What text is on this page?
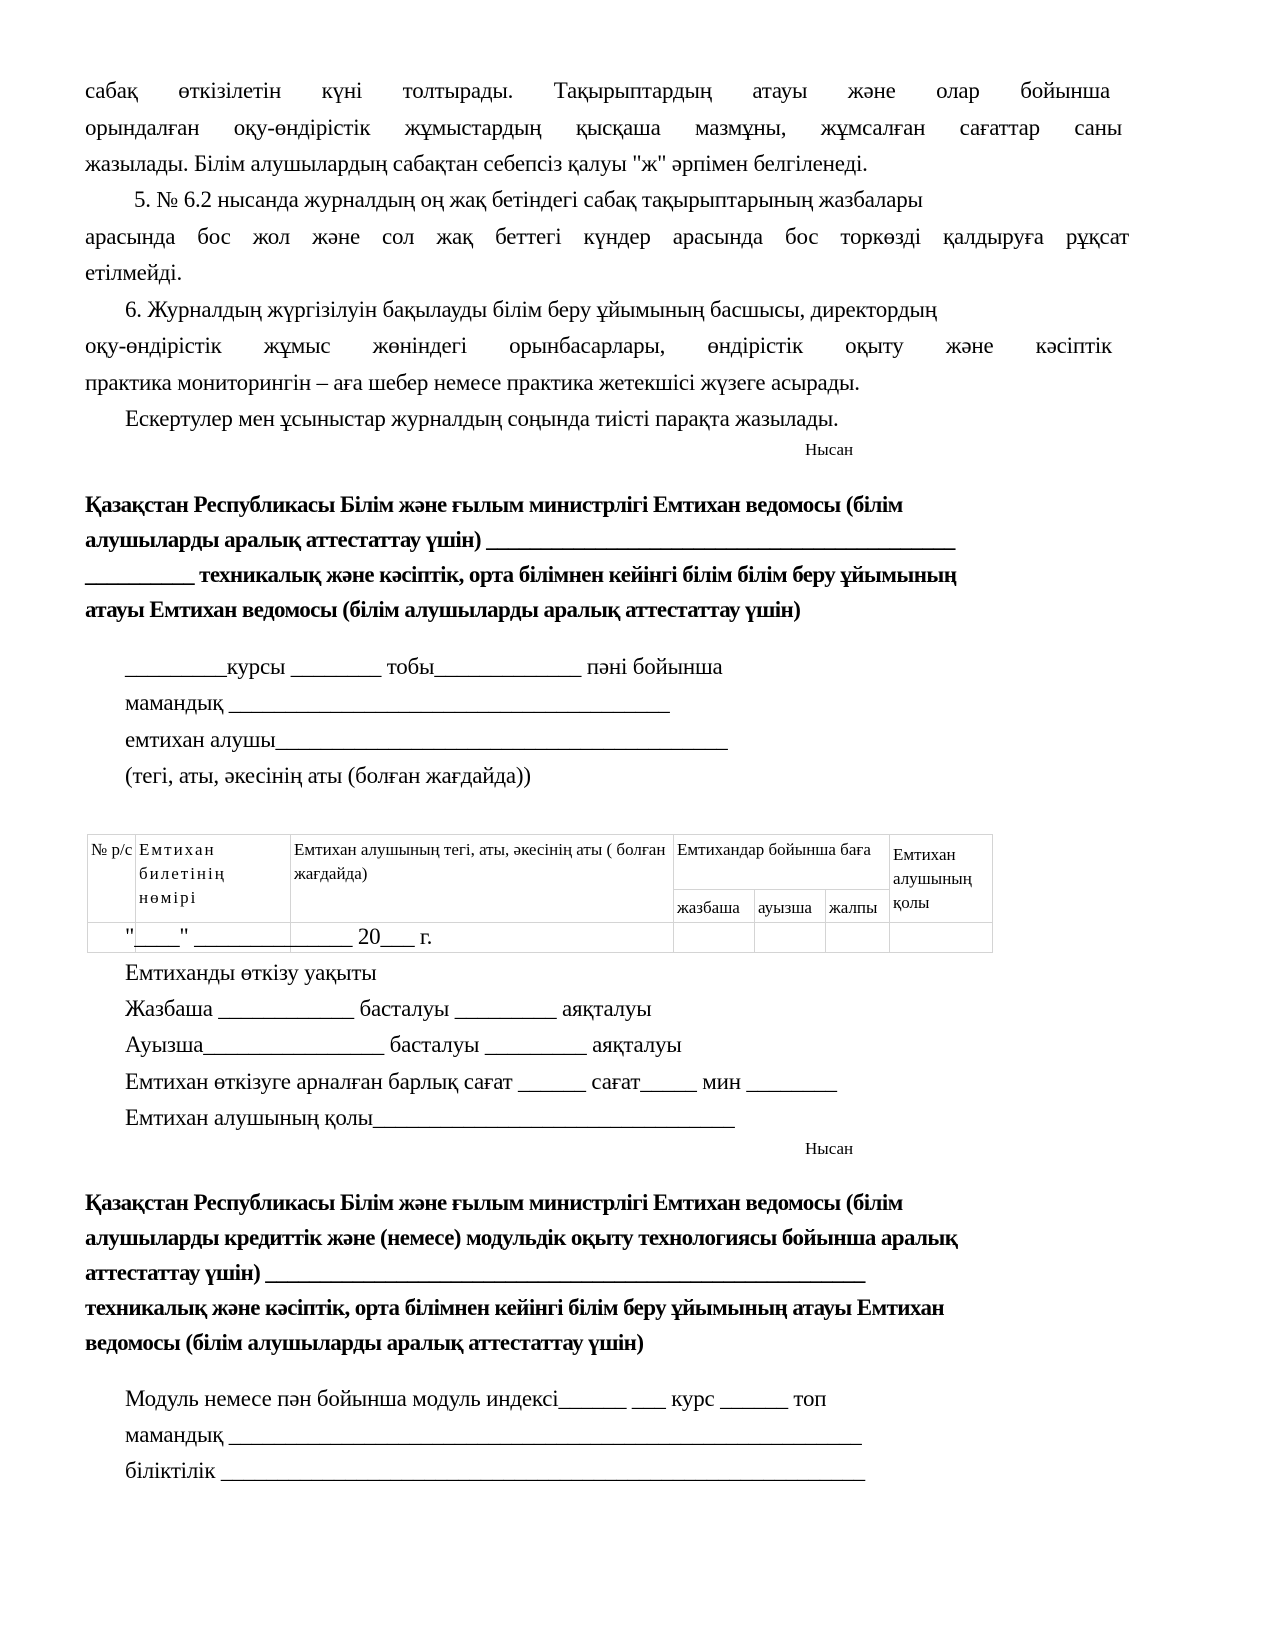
сабақ өткізілетін күні толтырады. Тақырыптардың атауы және олар бойынша
орындалған оқу-өндірістік жұмыстардың қысқаша мазмұны, жұмсалған сағаттар саны
жазылады. Білім алушылардың сабақтан себепсіз қалуы "ж" әрпімен белгіленеді.
5. № 6.2 нысанда журналдың оң жақ бетіндегі сабақ тақырыптарының жазбалары
арасында бос жол және сол жақ беттегі күндер арасында бос торкөзді қалдыруға рұқсат
етілмейді.
6. Журналдың жүргізілуін бақылауды білім беру ұйымының басшысы, директордың
оқу-өндірістік жұмыс жөніндегі орынбасарлары, өндірістік оқыту және кәсіптік
практика мониторингін – аға шебер немесе практика жетекшісі жүзеге асырады.
Ескертулер мен ұсыныстар журналдың соңында тиісті парақта жазылады.
Нысан
Қазақстан Республикасы Білім және ғылым министрлігі Емтихан ведомосы (білім
алушыларды аралық аттестаттау үшін) ___________________________________________
__________ техникалық және кәсіптік, орта білімнен кейінгі білім білім беру ұйымының
атауы Емтихан ведомосы (білім алушыларды аралық аттестаттау үшін)
_________курсы ________ тобы_____________ пәні бойынша
мамандық _______________________________________
емтихан алушы________________________________________
(тегі, аты, әкесінің аты (болған жағдайда))
№ р/с	Емтихан билетінің нөмірі	Емтихан алушының тегі, аты, әкесінің аты ( болған жағдайда)	Емтихандар бойынша баға			Емтихан алушының қолы
			жазбаша	ауызша	жалпы	

"____" ______________ 20___ г.
Емтиханды өткізу уақыты
Жазбаша ____________ басталуы _________ аяқталуы
Ауызша________________ басталуы _________ аяқталуы
Емтихан өткізуге арналған барлық сағат ______ сағат_____ мин ________
Емтихан алушының қолы________________________________
Нысан
Қазақстан Республикасы Білім және ғылым министрлігі Емтихан ведомосы (білім
алушыларды кредиттік және (немесе) модульдік оқыту технологиясы бойынша аралық
аттестаттау үшін) _______________________________________________________
техникалық және кәсіптік, орта білімнен кейінгі білім беру ұйымының атауы Емтихан
ведомосы (білім алушыларды аралық аттестаттау үшін)
Модуль немесе пән бойынша модуль индексі______ ___ курс ______ топ
мамандық ________________________________________________________
біліктілік _________________________________________________________
